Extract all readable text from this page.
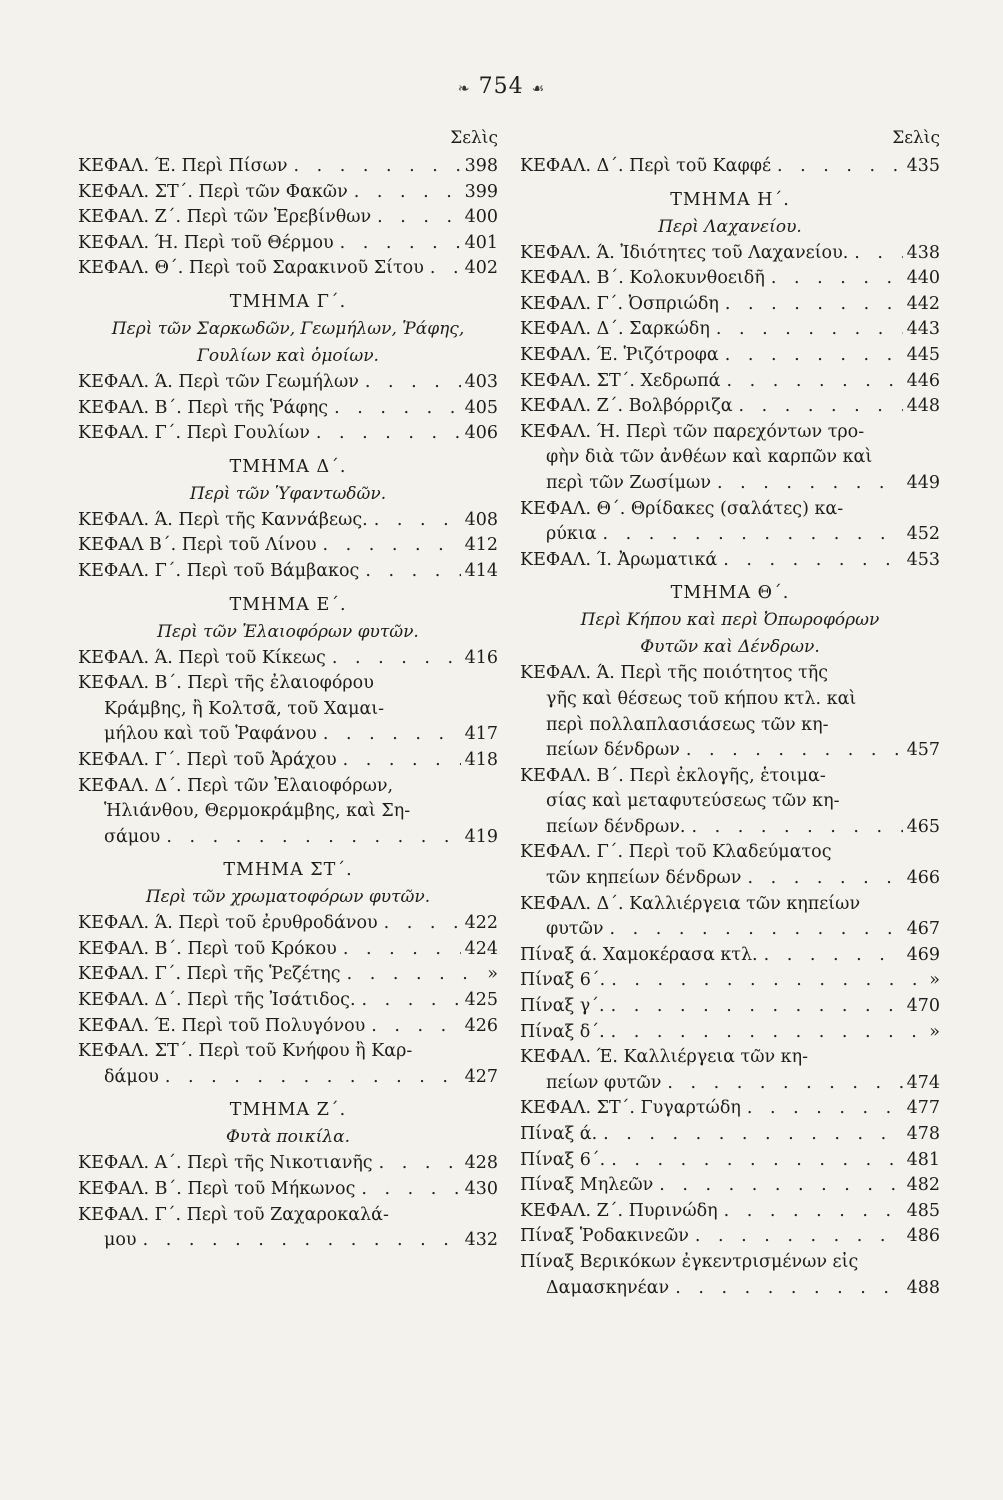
❧ 754 ☙
Σελὶς
ΚΕΦΑΛ. Έ. Περὶ Πίσων . . .	398
ΚΕΦΑΛ. ΣΤ΄. Περὶ τῶν Φακῶν . . .	399
ΚΕΦΑΛ. Ζ΄. Περὶ τῶν Ἐρεβίνθων . . .	400
ΚΕΦΑΛ. Ή. Περὶ τοῦ Θέρμου . . .	401
ΚΕΦΑΛ. Θ΄. Περὶ τοῦ Σαρακινοῦ Σίτου . . . 402
ΤΜΗΜΑ Γ΄.
Περὶ τῶν Σαρκωδῶν, Γεωμήλων, Ῥάφης,
Γουλίων καὶ ὁμοίων.
ΚΕΦΑΛ. Ά. Περὶ τῶν Γεωμήλων . . .	403
ΚΕΦΑΛ. Β΄. Περὶ τῆς Ῥάφης . . .	405
ΚΕΦΑΛ. Γ΄. Περὶ Γουλίων . . .	406
ΤΜΗΜΑ Δ΄.
Περὶ τῶν Ὑφαντωδῶν.
ΚΕΦΑΛ. Ά. Περὶ τῆς Καννάβεως. . . .	408
ΚΕΦΑΛ Β΄. Περὶ τοῦ Λίνου . . .	412
ΚΕΦΑΛ. Γ΄. Περὶ τοῦ Βάμβακος . . .	414
ΤΜΗΜΑ Ε΄.
Περὶ τῶν Ἐλαιοφόρων φυτῶν.
ΚΕΦΑΛ. Ά. Περὶ τοῦ Κίκεως . . .	416
ΚΕΦΑΛ. Β΄. Περὶ τῆς ἐλαιοφόρου
Κράμβης, ἢ Κολτσᾶ, τοῦ Χαμαι-
μήλου καὶ τοῦ Ῥαφάνου . . .	417
ΚΕΦΑΛ. Γ΄. Περὶ τοῦ Ἀράχου . . .	418
ΚΕΦΑΛ. Δ΄. Περὶ τῶν Ἐλαιοφόρων,
Ἡλιάνθου, Θερμοκράμβης, καὶ Ση-
σάμου . . .	419
ΤΜΗΜΑ ΣΤ΄.
Περὶ τῶν χρωματοφόρων φυτῶν.
ΚΕΦΑΛ. Ά. Περὶ τοῦ ἐρυθροδάνου . . .	422
ΚΕΦΑΛ. Β΄. Περὶ τοῦ Κρόκου . . .	424
ΚΕΦΑΛ. Γ΄. Περὶ τῆς Ῥεζέτης . . .	»
ΚΕΦΑΛ. Δ΄. Περὶ τῆς Ἰσάτιδος. . . .	425
ΚΕΦΑΛ. Έ. Περὶ τοῦ Πολυγόνου . . .	426
ΚΕΦΑΛ. ΣΤ΄. Περὶ τοῦ Κνήφου ἢ Καρ-
δάμου . . .	427
ΤΜΗΜΑ Ζ΄.
Φυτὰ ποικίλα.
ΚΕΦΑΛ. Α΄. Περὶ τῆς Νικοτιανῆς . . .	428
ΚΕΦΑΛ. Β΄. Περὶ τοῦ Μήκωνος . . .	430
ΚΕΦΑΛ. Γ΄. Περὶ τοῦ Ζαχαροκαλά-
μου . . .	432
Σελὶς
ΚΕΦΑΛ. Δ΄. Περὶ τοῦ Καφφέ . . .	435
ΤΜΗΜΑ Η΄.
Περὶ Λαχανείου.
ΚΕΦΑΛ. Ά. Ἰδιότητες τοῦ Λαχανείου. . . .	438
ΚΕΦΑΛ. Β΄. Κολοκυνθοειδῆ . . .	440
ΚΕΦΑΛ. Γ΄. Ὀσπριώδη . . .	442
ΚΕΦΑΛ. Δ΄. Σαρκώδη . . .	443
ΚΕΦΑΛ. Έ. Ῥιζότροφα . . .	445
ΚΕΦΑΛ. ΣΤ΄. Χεδρωπά . . .	446
ΚΕΦΑΛ. Ζ΄. Βολβόρριζα . . .	448
ΚΕΦΑΛ. Ή. Περὶ τῶν παρεχόντων τρο-
φὴν διὰ τῶν ἀνθέων καὶ καρπῶν καὶ
περὶ τῶν Ζωσίμων . . .	449
ΚΕΦΑΛ. Θ΄. Θρίδακες (σαλάτες) κα-
ρύκια . . .	452
ΚΕΦΑΛ. Ί. Ἀρωματικά . . .	453
ΤΜΗΜΑ Θ΄.
Περὶ Κήπου καὶ περὶ Ὀπωροφόρων
Φυτῶν καὶ Δένδρων.
ΚΕΦΑΛ. Ά. Περὶ τῆς ποιότητος τῆς
γῆς καὶ θέσεως τοῦ κήπου κτλ. καὶ
περὶ πολλαπλασιάσεως τῶν κη-
πείων δένδρων . . .	457
ΚΕΦΑΛ. Β΄. Περὶ ἐκλογῆς, ἑτοιμα-
σίας καὶ μεταφυτεύσεως τῶν κη-
πείων δένδρων. . . .	465
ΚΕΦΑΛ. Γ΄. Περὶ τοῦ Κλαδεύματος
τῶν κηπείων δένδρων . . .	466
ΚΕΦΑΛ. Δ΄. Καλλιέργεια τῶν κηπείων
φυτῶν . . .	467
Πίναξ ά. Χαμοκέρασα κτλ. . . .	469
Πίναξ 6΄. . . .	»
Πίναξ γ΄. . . .	470
Πίναξ δ΄. . . .	»
ΚΕΦΑΛ. Έ. Καλλιέργεια τῶν κη-
πείων φυτῶν . . .	474
ΚΕΦΑΛ. ΣΤ΄. Γυγαρτώδη . . .	477
Πίναξ ά. . . .	478
Πίναξ 6΄. . . .	481
Πίναξ Μηλεῶν . . .	482
ΚΕΦΑΛ. Ζ΄. Πυρινώδη . . .	485
Πίναξ Ῥοδακινεῶν . . .	486
Πίναξ Βερικόκων ἐγκεντρισμένων εἰς
Δαμασκηνέαν . . .	488
